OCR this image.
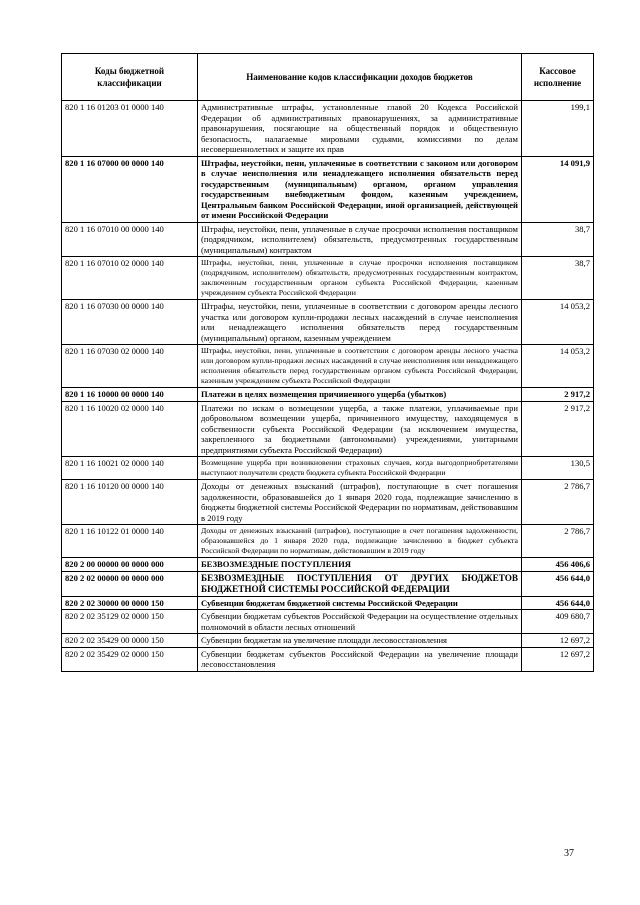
Коды бюджетной классификации	Наименование кодов классификации доходов бюджетов	Кассовое исполнение
820 1 16 01203 01 0000 140	Административные штрафы, установленные главой 20 Кодекса Российской Федерации об административных правонарушениях, за административные правонарушения, посягающие на общественный порядок и общественную безопасность, налагаемые мировыми судьями, комиссиями по делам несовершеннолетних и защите их прав	199,1
820 1 16 07000 00 0000 140	Штрафы, неустойки, пени, уплаченные в соответствии с законом или договором в случае неисполнения или ненадлежащего исполнения обязательств перед государственным (муниципальным) органом, органом управления государственным внебюджетным фондом, казенным учреждением, Центральным банком Российской Федерации, иной организацией, действующей от имени Российской Федерации	14 091,9
820 1 16 07010 00 0000 140	Штрафы, неустойки, пени, уплаченные в случае просрочки исполнения поставщиком (подрядчиком, исполнителем) обязательств, предусмотренных государственным (муниципальным) контрактом	38,7
820 1 16 07010 02 0000 140	Штрафы, неустойки, пени, уплаченные в случае просрочки исполнения поставщиком (подрядчиком, исполнителем) обязательств, предусмотренных государственным контрактом, заключенным государственным органом субъекта Российской Федерации, казенным учреждением субъекта Российской Федерации	38,7
820 1 16 07030 00 0000 140	Штрафы, неустойки, пени, уплаченные в соответствии с договором аренды лесного участка или договором купли-продажи лесных насаждений в случае неисполнения или ненадлежащего исполнения обязательств перед государственным (муниципальным) органом, казенным учреждением	14 053,2
820 1 16 07030 02 0000 140	Штрафы, неустойки, пени, уплаченные в соответствии с договором аренды лесного участка или договором купли-продажи лесных насаждений в случае неисполнения или ненадлежащего исполнения обязательств перед государственным органом субъекта Российской Федерации, казенным учреждением субъекта Российской Федерации	14 053,2
820 1 16 10000 00 0000 140	Платежи в целях возмещения причиненного ущерба (убытков)	2 917,2
820 1 16 10020 02 0000 140	Платежи по искам о возмещении ущерба, а также платежи, уплачиваемые при добровольном возмещении ущерба, причиненного имуществу, находящемуся в собственности субъекта Российской Федерации (за исключением имущества, закрепленного за бюджетными (автономными) учреждениями, унитарными предприятиями субъекта Российской Федерации)	2 917,2
820 1 16 10021 02 0000 140	Возмещение ущерба при возникновении страховых случаев, когда выгодоприобретателями выступают получатели средств бюджета субъекта Российской Федерации	130,5
820 1 16 10120 00 0000 140	Доходы от денежных взысканий (штрафов), поступающие в счет погашения задолженности, образовавшейся до 1 января 2020 года, подлежащие зачислению в бюджеты бюджетной системы Российской Федерации по нормативам, действовавшим в 2019 году	2 786,7
820 1 16 10122 01 0000 140	Доходы от денежных взысканий (штрафов), поступающие в счет погашения задолженности, образовавшейся до 1 января 2020 года, подлежащие зачислению в бюджет субъекта Российской Федерации по нормативам, действовавшим в 2019 году	2 786,7
820 2 00 00000 00 0000 000	БЕЗВОЗМЕЗДНЫЕ ПОСТУПЛЕНИЯ	456 406,6
820 2 02 00000 00 0000 000	БЕЗВОЗМЕЗДНЫЕ ПОСТУПЛЕНИЯ ОТ ДРУГИХ БЮДЖЕТОВ БЮДЖЕТНОЙ СИСТЕМЫ РОССИЙСКОЙ ФЕДЕРАЦИИ	456 644,0
820 2 02 30000 00 0000 150	Субвенции бюджетам бюджетной системы Российской Федерации	456 644,0
820 2 02 35129 02 0000 150	Субвенции бюджетам субъектов Российской Федерации на осуществление отдельных полномочий в области лесных отношений	409 680,7
820 2 02 35429 00 0000 150	Субвенции бюджетам на увеличение площади лесовосстановления	12 697,2
820 2 02 35429 02 0000 150	Субвенции бюджетам субъектов Российской Федерации на увеличение площади лесовосстановления	12 697,2
37
